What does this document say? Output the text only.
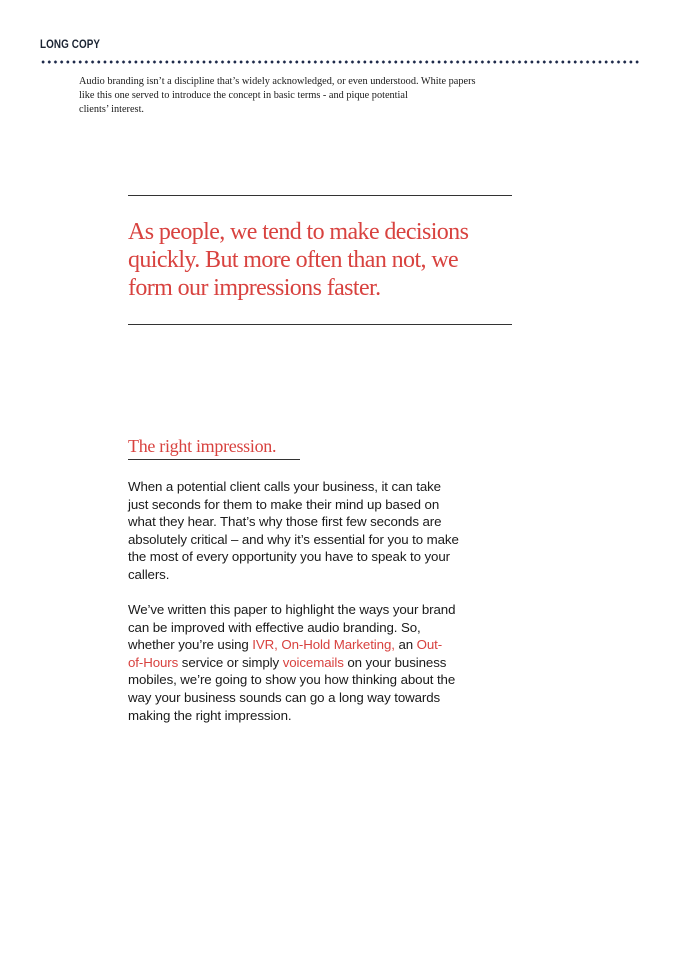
LONG COPY
Audio branding isn’t a discipline that’s widely acknowledged, or even understood. White papers
like this one served to introduce the concept in basic terms - and pique potential
clients’ interest.
As people, we tend to make decisions
quickly. But more often than not, we
form our impressions faster.
The right impression.
When a potential client calls your business, it can take
just seconds for them to make their mind up based on
what they hear. That’s why those first few seconds are
absolutely critical – and why it’s essential for you to make
the most of every opportunity you have to speak to your
callers.
We’ve written this paper to highlight the ways your brand
can be improved with effective audio branding. So,
whether you’re using IVR, On-Hold Marketing, an Out-
of-Hours service or simply voicemails on your business
mobiles, we’re going to show you how thinking about the
way your business sounds can go a long way towards
making the right impression.
